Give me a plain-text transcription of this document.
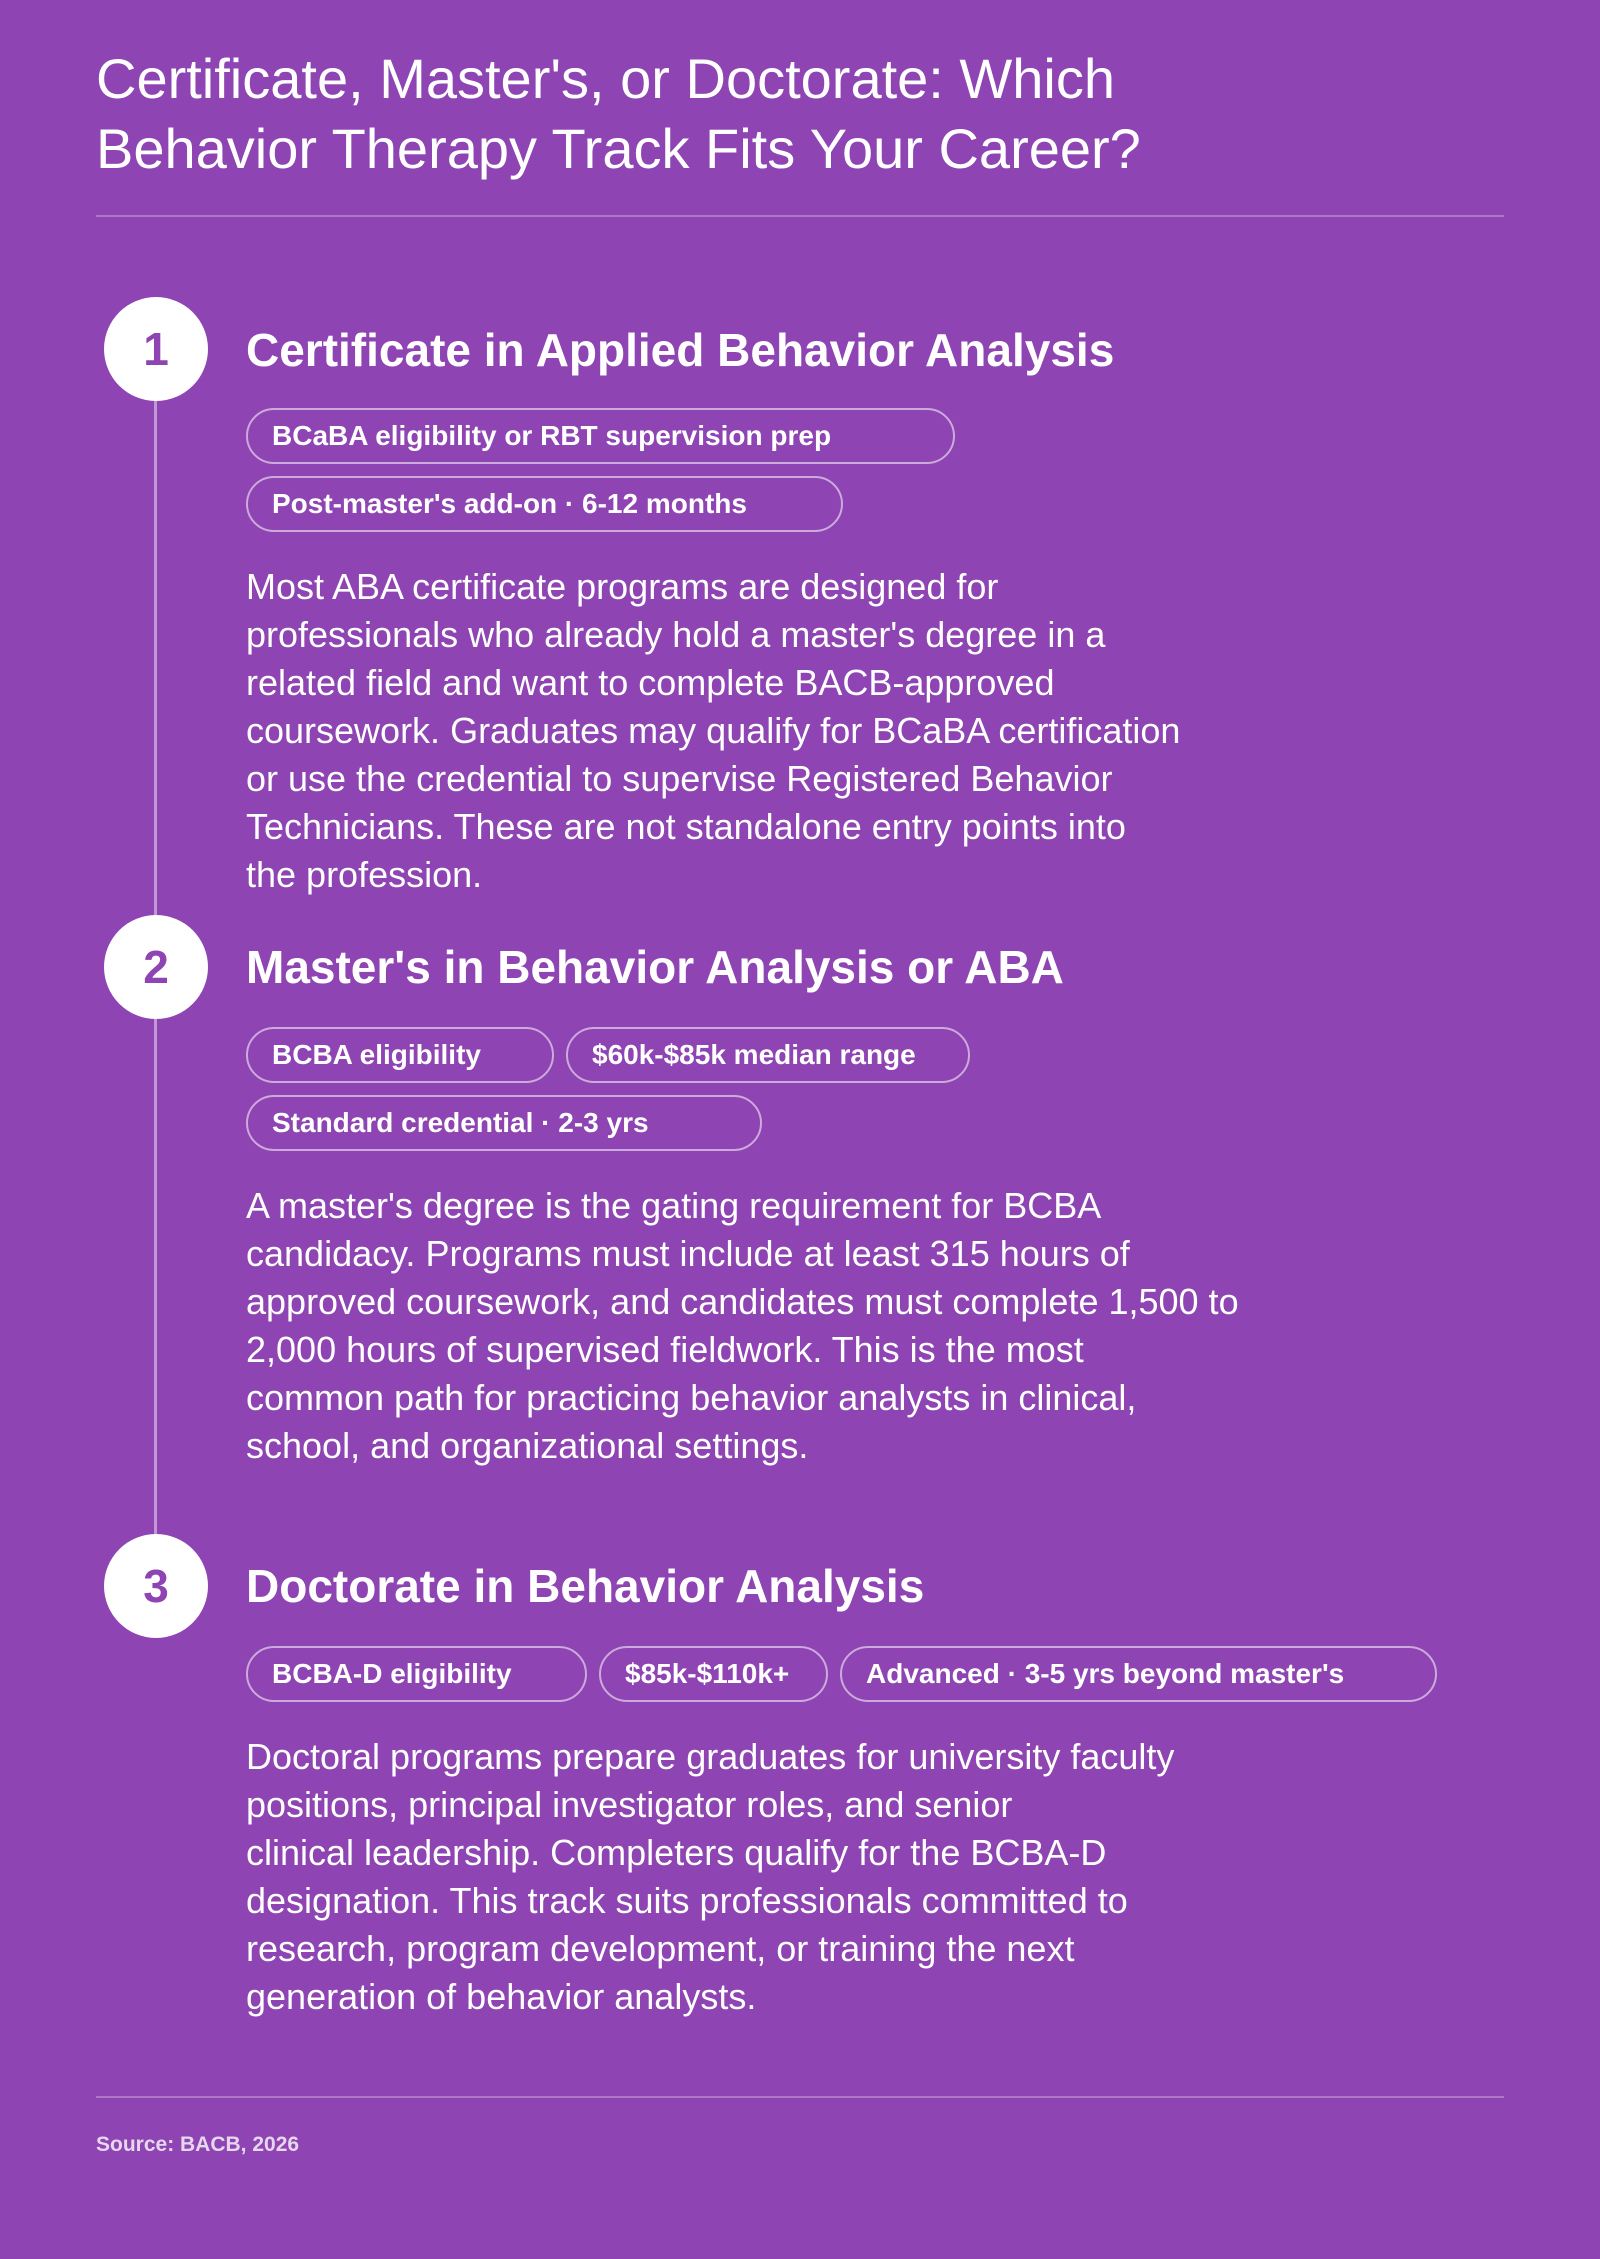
Certificate, Master's, or Doctorate: Which
Behavior Therapy Track Fits Your Career?
1	Certificate in Applied Behavior Analysis
BCaBA eligibility or RBT supervision prep
Post-master's add-on · 6-12 months

Most ABA certificate programs are designed for
professionals who already hold a master's degree in a
related field and want to complete BACB-approved
coursework. Graduates may qualify for BCaBA certification
or use the credential to supervise Registered Behavior
Technicians. These are not standalone entry points into
the profession.

2	Master's in Behavior Analysis or ABA
BCBA eligibility	$60k-$85k median range
Standard credential · 2-3 yrs

A master's degree is the gating requirement for BCBA
candidacy. Programs must include at least 315 hours of
approved coursework, and candidates must complete 1,500 to
2,000 hours of supervised fieldwork. This is the most
common path for practicing behavior analysts in clinical,
school, and organizational settings.

3	Doctorate in Behavior Analysis
BCBA-D eligibility	$85k-$110k+	Advanced · 3-5 yrs beyond master's

Doctoral programs prepare graduates for university faculty
positions, principal investigator roles, and senior
clinical leadership. Completers qualify for the BCBA-D
designation. This track suits professionals committed to
research, program development, or training the next
generation of behavior analysts.

Source: BACB, 2026
